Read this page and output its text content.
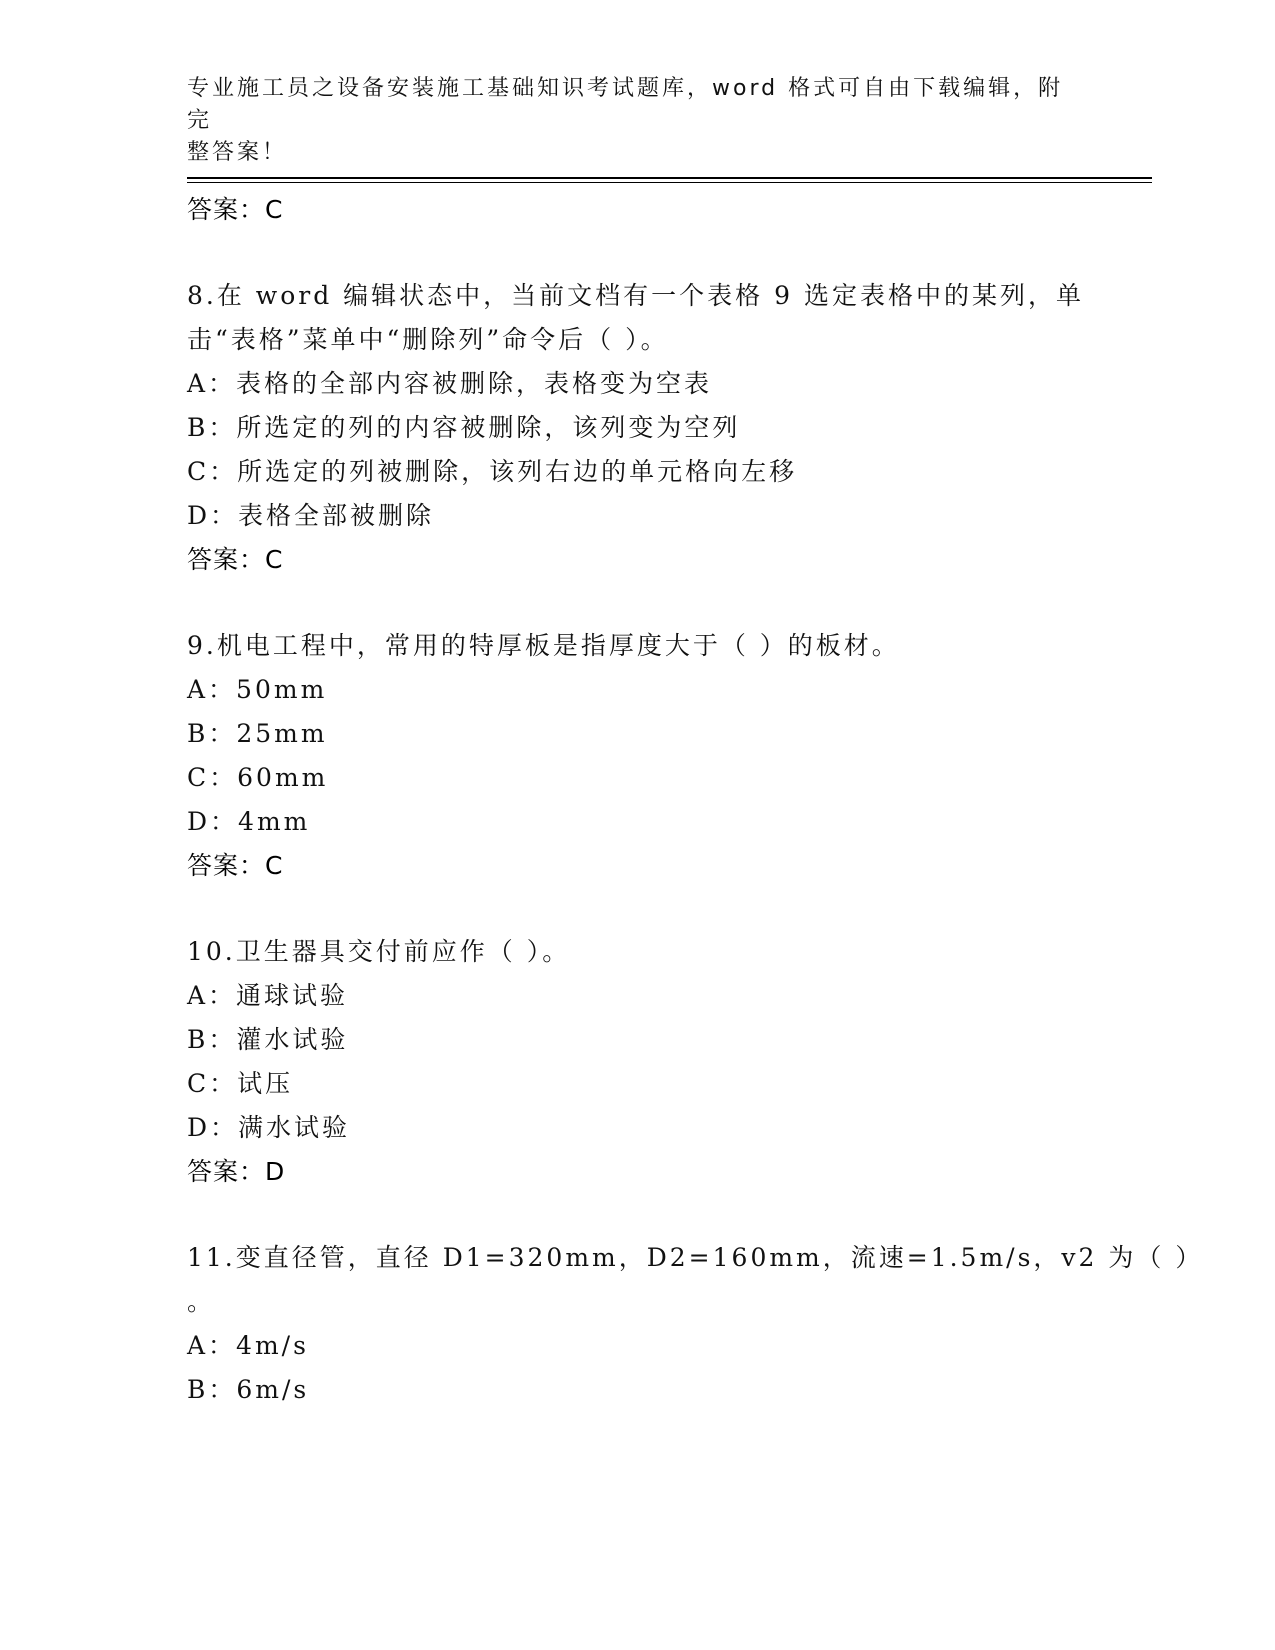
专业施工员之设备安装施工基础知识考试题库，word 格式可自由下载编辑，附完
整答案！
答案：C
8.在 word 编辑状态中，当前文档有一个表格 9 选定表格中的某列，单
击“表格”菜单中“删除列”命令后（ ）。
A：表格的全部内容被删除，表格变为空表
B：所选定的列的内容被删除，该列变为空列
C：所选定的列被删除，该列右边的单元格向左移
D：表格全部被删除
答案：C
9.机电工程中，常用的特厚板是指厚度大于（ ）的板材。
A：50mm
B：25mm
C：60mm
D：4mm
答案：C
10.卫生器具交付前应作（ ）。
A：通球试验
B：灌水试验
C：试压
D：满水试验
答案：D
11.变直径管，直径 D1=320mm，D2=160mm，流速=1.5m/s，v2 为（ ）
。
A：4m/s
B：6m/s
